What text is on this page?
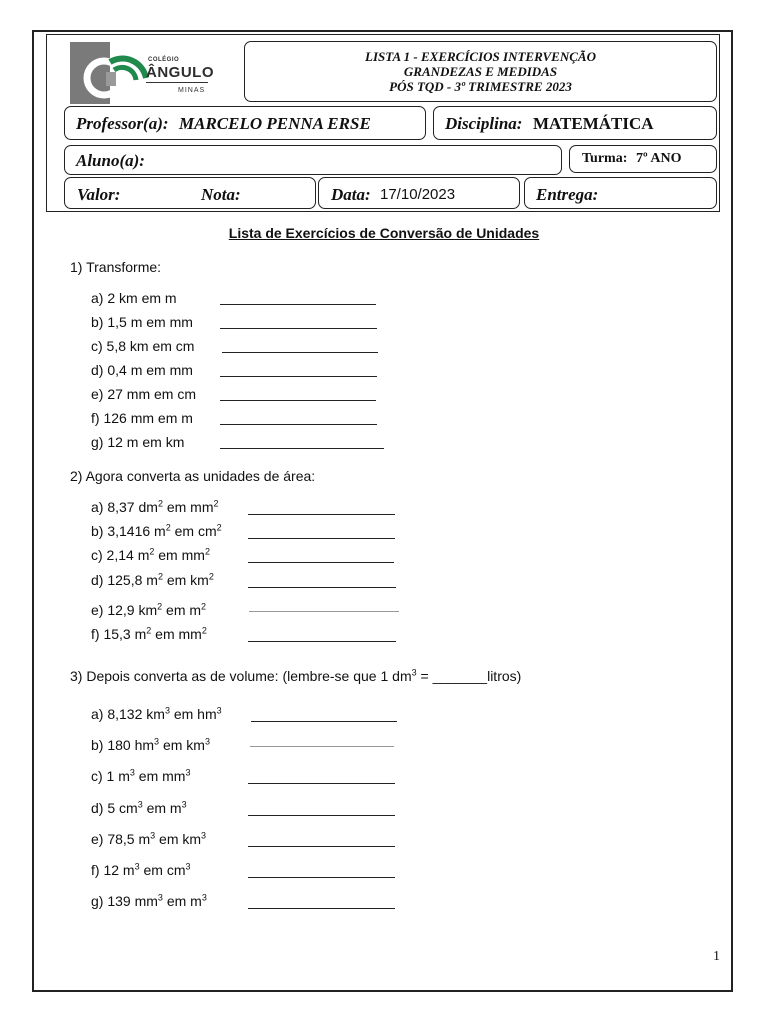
COLÉGIO
ÂNGULO
MINAS
LISTA 1 - EXERCÍCIOS INTERVENÇÃO
GRANDEZAS E MEDIDAS
PÓS TQD - 3º TRIMESTRE 2023
Professor(a): MARCELO PENNA ERSE	Disciplina: MATEMÁTICA
Aluno(a):	Turma: 7º ANO
Valor:	Nota:	Data: 17/10/2023	Entrega:
Lista de Exercícios de Conversão de Unidades
1) Transforme:
a) 2 km em m
b) 1,5 m em mm
c) 5,8 km em cm
d) 0,4 m em mm
e) 27 mm em cm
f) 126 mm em m
g) 12 m em km
2) Agora converta as unidades de área:
a) 8,37 $dm^2$ em $mm^2$
b) 3,1416 $m^2$ em $cm^2$
c) 2,14 $m^2$ em $mm^2$
d) 125,8 $m^2$ em $km^2$
e) 12,9 $km^2$ em $m^2$
f) 15,3 $m^2$ em $mm^2$
3) Depois converta as de volume: (lembre-se que 1 $dm^3$ = _______litros)
a) 8,132 $km^3$ em $hm^3$
b) 180 $hm^3$ em $km^3$
c) 1 $m^3$ em $mm^3$
d) 5 $cm^3$ em $m^3$
e) 78,5 $m^3$ em $km^3$
f) 12 $m^3$ em $cm^3$
g) 139 $mm^3$ em $m^3$
1
